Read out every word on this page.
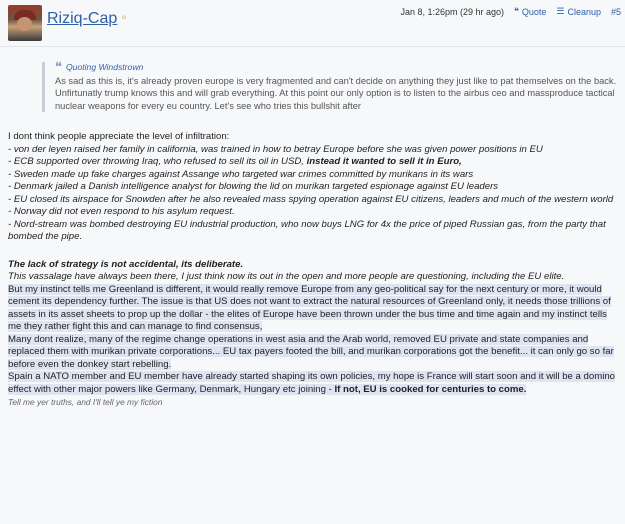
Riziq-Cap ℴ	Jan 8, 1:26pm (29 hr ago) ❝ Quote ☰ Cleanup #5
❝ Quoting Windstrown
As sad as this is, it's already proven europe is very fragmented and can't decide on anything they just like to pat themselves on the back. Unfirtunatly trump knows this and will grab everything. At this point our only option is to listen to the airbus ceo and massproduce tactical nuclear weapons for every eu country. Let's see who tries this bullshit after

I dont think people appreciate the level of infiltration:

- von der leyen raised her family in california, was trained in how to betray Europe before she was given power positions in EU
- ECB supported over throwing Iraq, who refused to sell its oil in USD, instead it wanted to sell it in Euro,
- Sweden made up fake charges against Assange who targeted war crimes committed by murikans in its wars
- Denmark jailed a Danish intelligence analyst for blowing the lid on murikan targeted espionage against EU leaders
- EU closed its airspace for Snowden after he also revealed mass spying operation against EU citizens, leaders and much of the western world - Norway did not even respond to his asylum request.
- Nord-stream was bombed destroying EU industrial production, who now buys LNG for 4x the price of piped Russian gas, from the party that bombed the pipe.

The lack of strategy is not accidental, its deliberate.

This vassalage have always been there, I just think now its out in the open and more people are questioning, including the EU elite.

But my instinct tells me Greenland is different, it would really remove Europe from any geo-political say for the next century or more, it would cement its dependency further. The issue is that US does not want to extract the natural resources of Greenland only, it needs those trillions of assets in its asset sheets to prop up the dollar - the elites of Europe have been thrown under the bus time and time again and my instinct tells me they rather fight this and can manage to find consensus,

Many dont realize, many of the regime change operations in west asia and the Arab world, removed EU private and state companies and replaced them with murikan private corporations... EU tax payers footed the bill, and murikan corporations got the benefit... it can only go so far before even the donkey start rebelling.

Spain a NATO member and EU member have already started shaping its own policies, my hope is France will start soon and it will be a domino effect with other major powers like Germany, Denmark, Hungary etc joining - If not, EU is cooked for centuries to come.

Tell me yer truths, and I'll tell ye my fiction
